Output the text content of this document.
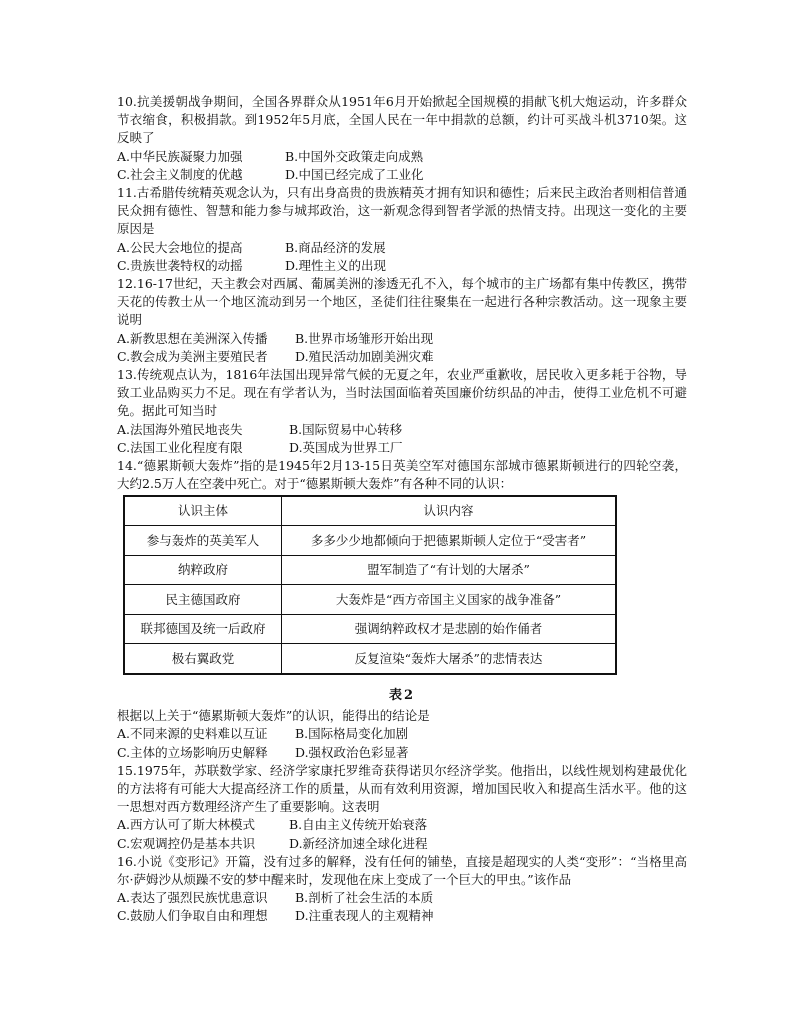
10.抗美援朝战争期间，全国各界群众从1951年6月开始掀起全国规模的捐献飞机大炮运动，许多群众节衣缩食，积极捐款。到1952年5月底，全国人民在一年中捐款的总额，约计可买战斗机3710架。这反映了

A.中华民族凝聚力加强	B.中国外交政策走向成熟
C.社会主义制度的优越	D.中国已经完成了工业化

11.古希腊传统精英观念认为，只有出身高贵的贵族精英才拥有知识和德性；后来民主政治者则相信普通民众拥有德性、智慧和能力参与城邦政治，这一新观念得到智者学派的热情支持。出现这一变化的主要原因是

A.公民大会地位的提高	B.商品经济的发展
C.贵族世袭特权的动摇	D.理性主义的出现

12.16-17世纪，天主教会对西属、葡属美洲的渗透无孔不入，每个城市的主广场都有集中传教区，携带天花的传教士从一个地区流动到另一个地区，圣徒们往往聚集在一起进行各种宗教活动。这一现象主要说明

A.新教思想在美洲深入传播	B.世界市场雏形开始出现
C.教会成为美洲主要殖民者	D.殖民活动加剧美洲灾难

13.传统观点认为，1816年法国出现异常气候的无夏之年，农业严重歉收，居民收入更多耗于谷物，导致工业品购买力不足。现在有学者认为，当时法国面临着英国廉价纺织品的冲击，使得工业危机不可避免。据此可知当时

A.法国海外殖民地丧失	B.国际贸易中心转移
C.法国工业化程度有限	D.英国成为世界工厂

14.“德累斯顿大轰炸”指的是1945年2月13-15日英美空军对德国东部城市德累斯顿进行的四轮空袭，大约2.5万人在空袭中死亡。对于“德累斯顿大轰炸”有各种不同的认识：

认识主体	认识内容
参与轰炸的英美军人	多多少少地都倾向于把德累斯顿人定位于“受害者”
纳粹政府	盟军制造了“有计划的大屠杀”
民主德国政府	大轰炸是“西方帝国主义国家的战争准备”
联邦德国及统一后政府	强调纳粹政权才是悲剧的始作俑者
极右翼政党	反复渲染“轰炸大屠杀”的悲情表达
表2

根据以上关于“德累斯顿大轰炸”的认识，能得出的结论是

A.不同来源的史料难以互证	B.国际格局变化加剧
C.主体的立场影响历史解释	D.强权政治色彩显著

15.1975年，苏联数学家、经济学家康托罗维奇获得诺贝尔经济学奖。他指出，以线性规划构建最优化的方法将有可能大大提高经济工作的质量，从而有效利用资源，增加国民收入和提高生活水平。他的这一思想对西方数理经济产生了重要影响。这表明

A.西方认可了斯大林模式	B.自由主义传统开始衰落
C.宏观调控仍是基本共识	D.新经济加速全球化进程

16.小说《变形记》开篇，没有过多的解释，没有任何的铺垫，直接是超现实的人类“变形”：“当格里高尔·萨姆沙从烦躁不安的梦中醒来时，发现他在床上变成了一个巨大的甲虫。”该作品

A.表达了强烈民族忧患意识	B.剖析了社会生活的本质
C.鼓励人们争取自由和理想	D.注重表现人的主观精神
